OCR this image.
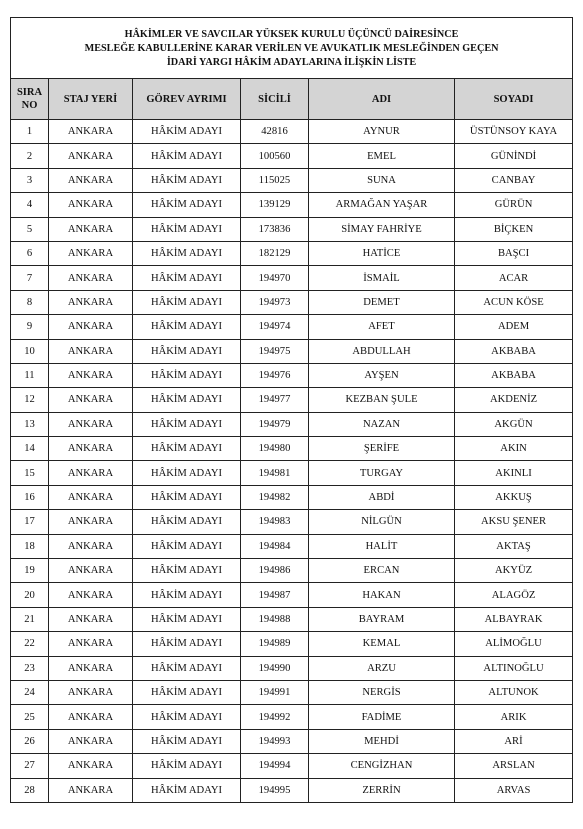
HÂKİMLER VE SAVCILAR YÜKSEK KURULU ÜÇÜNCÜ DAİRESİNCE
MESLEĞE KABULLERİNE KARAR VERİLEN VE AVUKATLIK MESLEĞİNDEN GEÇEN
İDARİ YARGI HÂKİM ADAYLARINA İLİŞKİN LİSTE					

SIRA
NO	STAJ YERİ	GÖREV AYRIMI	SİCİLİ	ADI	SOYADI
1	ANKARA	HÂKİM ADAYI	42816	AYNUR	ÜSTÜNSOY KAYA
2	ANKARA	HÂKİM ADAYI	100560	EMEL	GÜNİNDİ
3	ANKARA	HÂKİM ADAYI	115025	SUNA	CANBAY
4	ANKARA	HÂKİM ADAYI	139129	ARMAĞAN YAŞAR	GÜRÜN
5	ANKARA	HÂKİM ADAYI	173836	SİMAY FAHRİYE	BİÇKEN
6	ANKARA	HÂKİM ADAYI	182129	HATİCE	BAŞCI
7	ANKARA	HÂKİM ADAYI	194970	İSMAİL	ACAR
8	ANKARA	HÂKİM ADAYI	194973	DEMET	ACUN KÖSE
9	ANKARA	HÂKİM ADAYI	194974	AFET	ADEM
10	ANKARA	HÂKİM ADAYI	194975	ABDULLAH	AKBABA
11	ANKARA	HÂKİM ADAYI	194976	AYŞEN	AKBABA
12	ANKARA	HÂKİM ADAYI	194977	KEZBAN ŞULE	AKDENİZ
13	ANKARA	HÂKİM ADAYI	194979	NAZAN	AKGÜN
14	ANKARA	HÂKİM ADAYI	194980	ŞERİFE	AKIN
15	ANKARA	HÂKİM ADAYI	194981	TURGAY	AKINLI
16	ANKARA	HÂKİM ADAYI	194982	ABDİ	AKKUŞ
17	ANKARA	HÂKİM ADAYI	194983	NİLGÜN	AKSU ŞENER
18	ANKARA	HÂKİM ADAYI	194984	HALİT	AKTAŞ
19	ANKARA	HÂKİM ADAYI	194986	ERCAN	AKYÜZ
20	ANKARA	HÂKİM ADAYI	194987	HAKAN	ALAGÖZ
21	ANKARA	HÂKİM ADAYI	194988	BAYRAM	ALBAYRAK
22	ANKARA	HÂKİM ADAYI	194989	KEMAL	ALİMOĞLU
23	ANKARA	HÂKİM ADAYI	194990	ARZU	ALTINOĞLU
24	ANKARA	HÂKİM ADAYI	194991	NERGİS	ALTUNOK
25	ANKARA	HÂKİM ADAYI	194992	FADİME	ARIK
26	ANKARA	HÂKİM ADAYI	194993	MEHDİ	ARİ
27	ANKARA	HÂKİM ADAYI	194994	CENGİZHAN	ARSLAN
28	ANKARA	HÂKİM ADAYI	194995	ZERRİN	ARVAS
